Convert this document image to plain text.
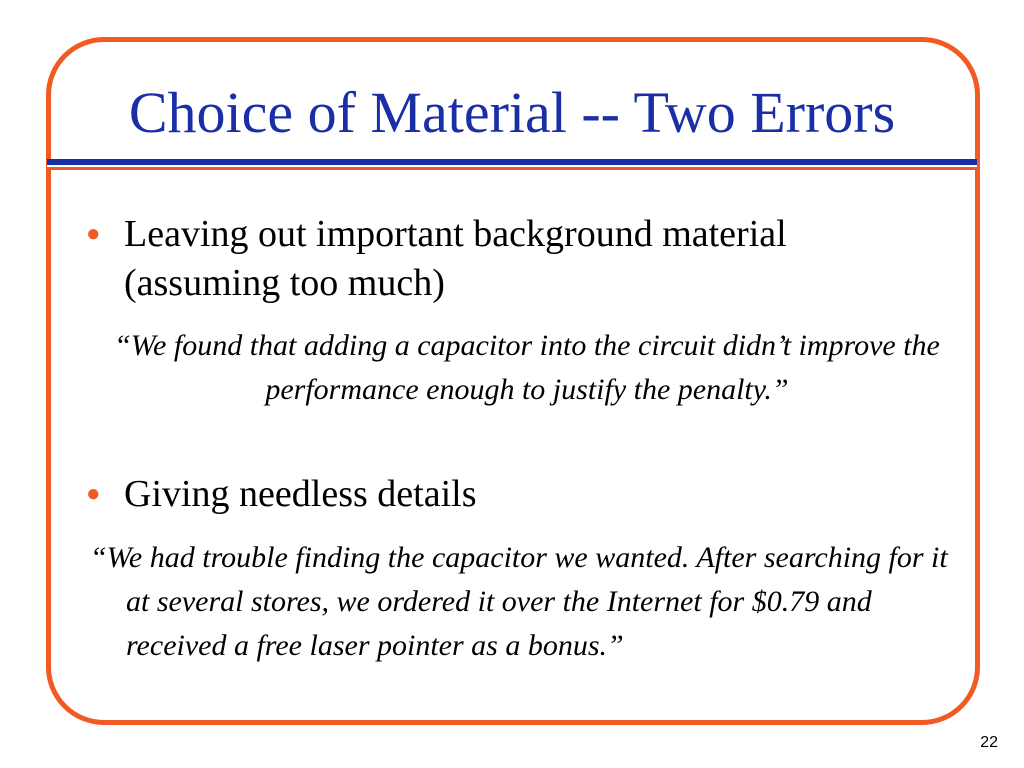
Choice of Material -- Two Errors
● Leaving out important background material (assuming too much)
“We found that adding a capacitor into the circuit didn’t improve the performance enough to justify the penalty.”
● Giving needless details
“We had trouble finding the capacitor we wanted. After searching for it at several stores, we ordered it over the Internet for $0.79 and received a free laser pointer as a bonus.”
22
